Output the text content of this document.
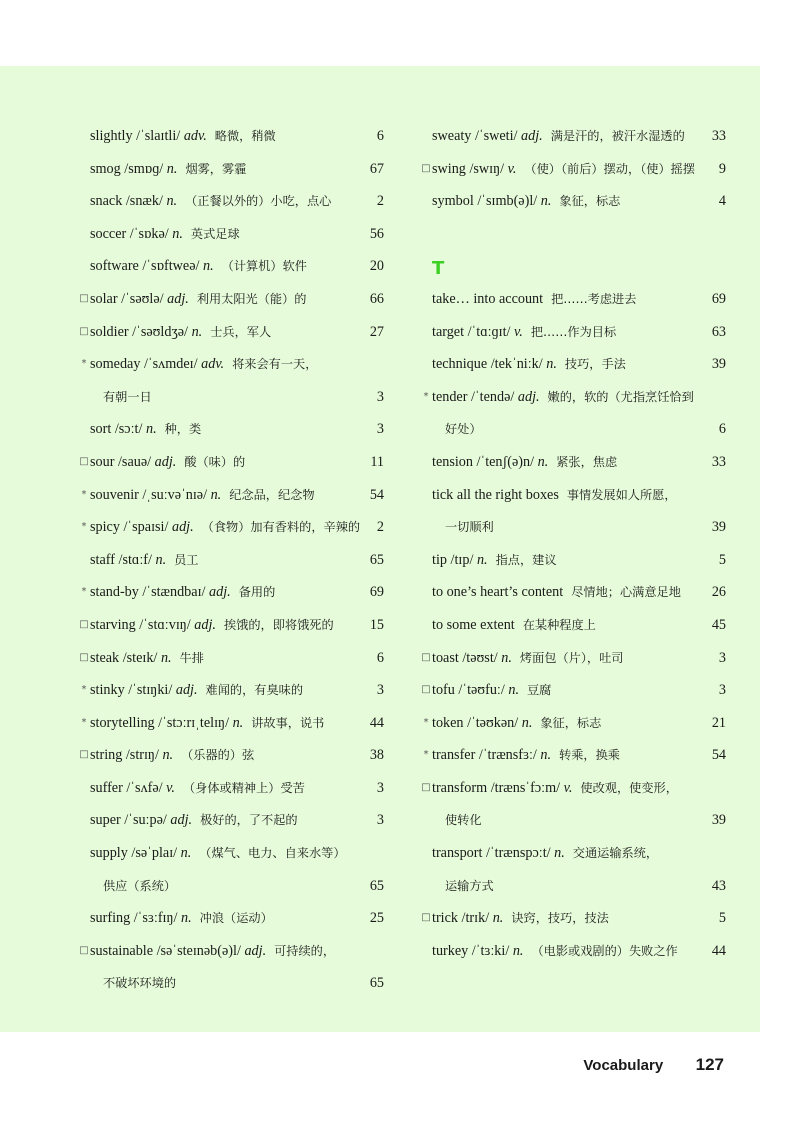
slightly /ˈslaɪtli/ adv. 略微，稍微	6
smog /smɒɡ/ n. 烟雾，雾霾	67
snack /snæk/ n. （正餐以外的）小吃，点心	2
soccer /ˈsɒkə/ n. 英式足球	56
software /ˈsɒftweə/ n. （计算机）软件	20
□ solar /ˈsəʊlə/ adj. 利用太阳光（能）的	66
□ soldier /ˈsəʊldʒə/ n. 士兵，军人	27
* someday /ˈsʌmdeɪ/ adv. 将来会有一天，
有朝一日	3
sort /sɔːt/ n. 种，类	3
□ sour /sauə/ adj. 酸（味）的	11
* souvenir /ˌsuːvəˈnɪə/ n. 纪念品，纪念物	54
* spicy /ˈspaɪsi/ adj. （食物）加有香料的，辛辣的 2
staff /stɑːf/ n. 员工	65
* stand-by /ˈstændbaɪ/ adj. 备用的	69
□ starving /ˈstɑːvɪŋ/ adj. 挨饿的，即将饿死的	15
□ steak /steɪk/ n. 牛排	6
* stinky /ˈstɪŋki/ adj. 难闻的，有臭味的	3
* storytelling /ˈstɔːrɪˌtelɪŋ/ n. 讲故事，说书	44
□ string /strɪŋ/ n. （乐器的）弦	38
suffer /ˈsʌfə/ v. （身体或精神上）受苦	3
super /ˈsuːpə/ adj. 极好的，了不起的	3
supply /səˈplaɪ/ n. （煤气、电力、自来水等）
供应（系统）	65
surfing /ˈsɜːfɪŋ/ n. 冲浪（运动）	25
□ sustainable /səˈsteɪnəb(ə)l/ adj. 可持续的，
不破坏环境的	65
sweaty /ˈsweti/ adj. 满是汗的，被汗水湿透的 33
□ swing /swɪŋ/ v. （使）（前后）摆动，（使）摇摆 9
symbol /ˈsɪmb(ə)l/ n. 象征，标志	4
T
take… into account 把……考虑进去	69
target /ˈtɑːɡɪt/ v. 把……作为目标	63
technique /tekˈniːk/ n. 技巧，手法	39
* tender /ˈtendə/ adj. 嫩的，软的（尤指烹饪恰到
好处）	6
tension /ˈtenʃ(ə)n/ n. 紧张，焦虑	33
tick all the right boxes 事情发展如人所愿，
一切顺利	39
tip /tɪp/ n. 指点，建议	5
to one’s heart’s content 尽情地；心满意足地 26
to some extent 在某种程度上	45
□ toast /təʊst/ n. 烤面包（片），吐司	3
□ tofu /ˈtəʊfuː/ n. 豆腐	3
* token /ˈtəʊkən/ n. 象征，标志	21
* transfer /ˈtrænsfɜː/ n. 转乘，换乘	54
□ transform /trænsˈfɔːm/ v. 使改观，使变形，
使转化	39
transport /ˈtrænspɔːt/ n. 交通运输系统，
运输方式	43
□ trick /trɪk/ n. 诀窍，技巧，技法	5
turkey /ˈtɜːki/ n. （电影或戏剧的）失败之作 44
Vocabulary 127
